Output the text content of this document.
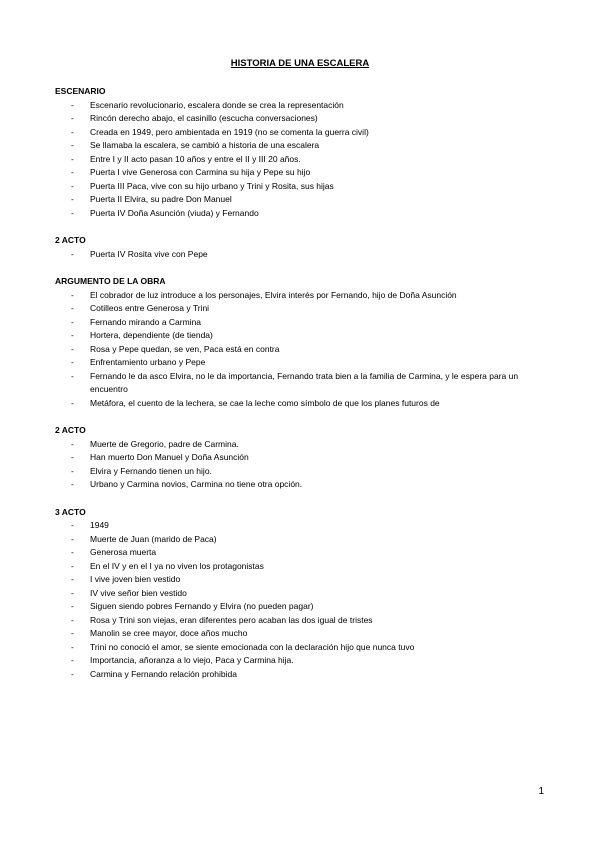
HISTORIA DE UNA ESCALERA
ESCENARIO
- Escenario revolucionario, escalera donde se crea la representación
- Rincón derecho abajo, el casinillo (escucha conversaciones)
- Creada en 1949, pero ambientada en 1919 (no se comenta la guerra civil)
- Se llamaba la escalera, se cambió a historia de una escalera
- Entre I y II acto pasan 10 años y entre el II y III 20 años.
- Puerta I vive Generosa con Carmina su hija y Pepe su hijo
- Puerta III Paca, vive con su hijo urbano y Trini y Rosita, sus hijas
- Puerta II Elvira, su padre Don Manuel
- Puerta IV Doña Asunción (viuda) y Fernando
2 ACTO
- Puerta IV Rosita vive con Pepe
ARGUMENTO DE LA OBRA
- El cobrador de luz introduce a los personajes, Elvira interés por Fernando, hijo de Doña Asunción
- Cotilleos entre Generosa y Trini
- Fernando mirando a Carmina
- Hortera, dependiente (de tienda)
- Rosa y Pepe quedan, se ven, Paca está en contra
- Enfrentamiento urbano y Pepe
- Fernando le da asco Elvira, no le da importancia, Fernando trata bien a la familia de Carmina, y le espera para un encuentro
- Metáfora, el cuento de la lechera, se cae la leche como símbolo de que los planes futuros de
2 ACTO
- Muerte de Gregorio, padre de Carmina.
- Han muerto Don Manuel y Doña Asunción
- Elvira y Fernando tienen un hijo.
- Urbano y Carmina novios, Carmina no tiene otra opción.
3 ACTO
- 1949
- Muerte de Juan (marido de Paca)
- Generosa muerta
- En el IV y en el I ya no viven los protagonistas
- I vive joven bien vestido
- IV vive señor bien vestido
- Siguen siendo pobres Fernando y Elvira (no pueden pagar)
- Rosa y Trini son viejas, eran diferentes pero acaban las dos igual de tristes
- Manolin se cree mayor, doce años mucho
- Trini no conoció el amor, se siente emocionada con la declaración hijo que nunca tuvo
- Importancia, añoranza a lo viejo, Paca y Carmina hija.
- Carmina y Fernando relación prohibida
1
